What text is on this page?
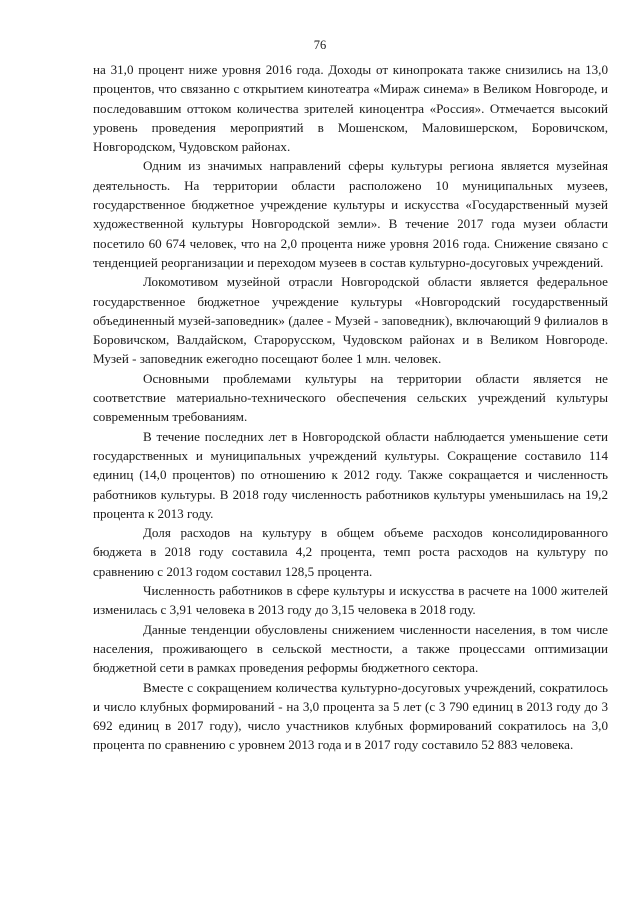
76

на 31,0 процент ниже уровня 2016 года. Доходы от кинопроката также снизились на 13,0 процентов, что связанно с открытием кинотеатра «Мираж синема» в Великом Новгороде, и последовавшим оттоком количества зрителей киноцентра «Россия». Отмечается высокий уровень проведения мероприятий в Мошенском, Маловишерском, Боровичском, Новгородском, Чудовском районах.

Одним из значимых направлений сферы культуры региона является музейная деятельность. На территории области расположено 10 муниципальных музеев, государственное бюджетное учреждение культуры и искусства «Государственный музей художественной культуры Новгородской земли». В течение 2017 года музеи области посетило 60 674 человек, что на 2,0 процента ниже уровня 2016 года. Снижение связано с тенденцией реорганизации и переходом музеев в состав культурно-досуговых учреждений.

Локомотивом музейной отрасли Новгородской области является федеральное государственное бюджетное учреждение культуры «Новгородский государственный объединенный музей-заповедник» (далее - Музей - заповедник), включающий 9 филиалов в Боровичском, Валдайском, Старорусском, Чудовском районах и в Великом Новгороде. Музей - заповедник ежегодно посещают более 1 млн. человек.

Основными проблемами культуры на территории области является не соответствие материально-технического обеспечения сельских учреждений культуры современным требованиям.

В течение последних лет в Новгородской области наблюдается уменьшение сети государственных и муниципальных учреждений культуры. Сокращение составило 114 единиц (14,0 процентов) по отношению к 2012 году. Также сокращается и численность работников культуры. В 2018 году численность работников культуры уменьшилась на 19,2 процента к 2013 году.

Доля расходов на культуру в общем объеме расходов консолидированного бюджета в 2018 году составила 4,2 процента, темп роста расходов на культуру по сравнению с 2013 годом составил 128,5 процента.

Численность работников в сфере культуры и искусства в расчете на 1000 жителей изменилась с 3,91 человека в 2013 году до 3,15 человека в 2018 году.

Данные тенденции обусловлены снижением численности населения, в том числе населения, проживающего в сельской местности, а также процессами оптимизации бюджетной сети в рамках проведения реформы бюджетного сектора.

Вместе с сокращением количества культурно-досуговых учреждений, сократилось и число клубных формирований - на 3,0 процента за 5 лет (с 3 790 единиц в 2013 году до 3 692 единиц в 2017 году), число участников клубных формирований сократилось на 3,0 процента по сравнению с уровнем 2013 года и в 2017 году составило 52 883 человека.
